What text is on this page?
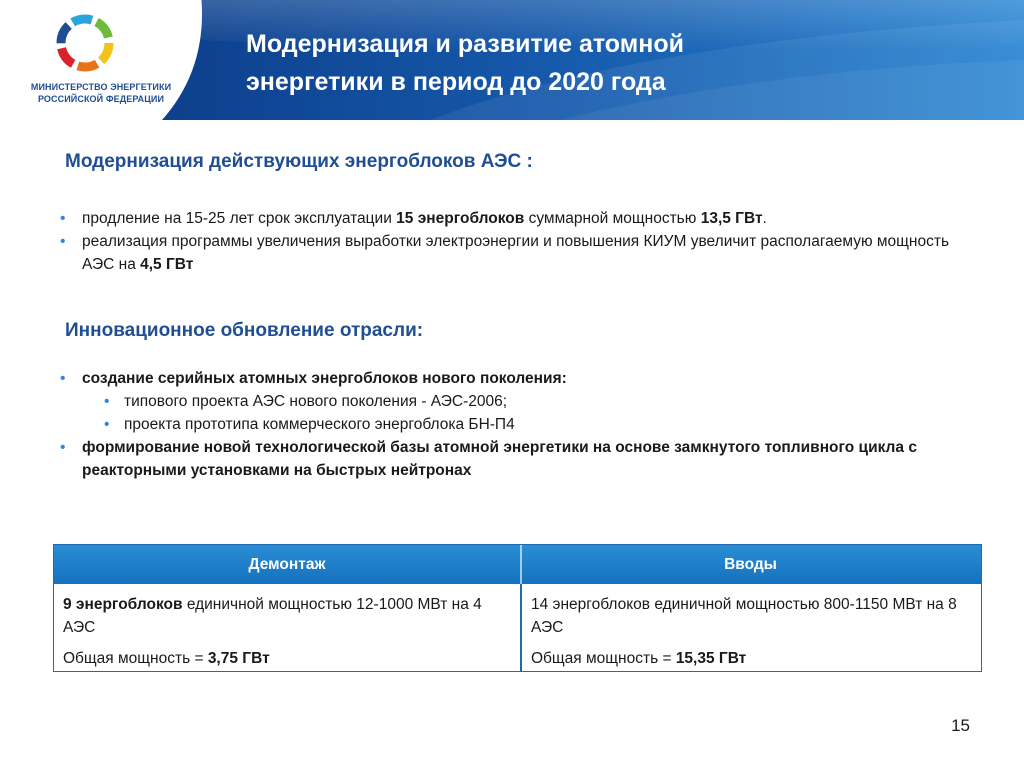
МИНИСТЕРСТВО ЭНЕРГЕТИКИ
РОССИЙСКОЙ ФЕДЕРАЦИИ
Модернизация и развитие атомной
энергетики в период до 2020 года
Модернизация действующих энергоблоков АЭС :
• продление на 15-25 лет срок эксплуатации 15 энергоблоков суммарной мощностью 13,5 ГВт.
• реализация программы увеличения выработки электроэнергии и повышения КИУМ увеличит располагаемую мощность АЭС на 4,5 ГВт
Инновационное обновление отрасли:
• создание серийных атомных энергоблоков нового поколения:
• типового проекта АЭС нового поколения - АЭС-2006;
• проекта прототипа коммерческого энергоблока БН-П4
• формирование новой технологической базы атомной энергетики на основе замкнутого топливного цикла с реакторными установками на быстрых нейтронах
Демонтаж	Вводы
9 энергоблоков единичной мощностью 12-1000 МВт на 4 АЭС
Общая мощность = 3,75 ГВт
14 энергоблоков единичной мощностью 800-1150 МВт на 8 АЭС
Общая мощность = 15,35 ГВт
15
